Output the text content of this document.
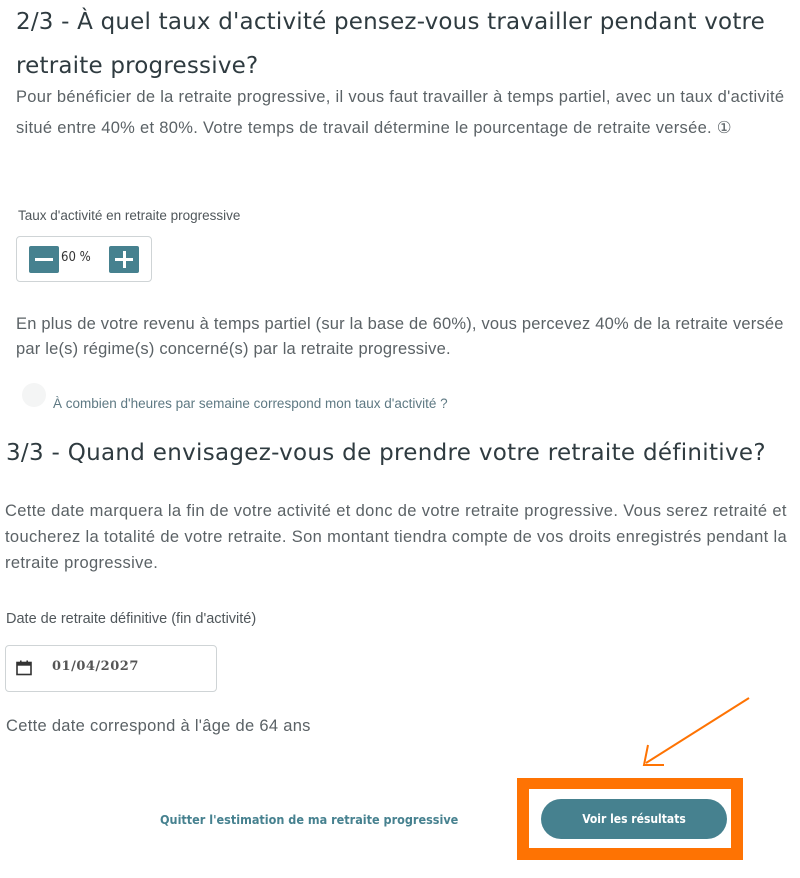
2/3 - À quel taux d'activité pensez-vous travailler pendant votre retraite progressive?
Pour bénéficier de la retraite progressive, il vous faut travailler à temps partiel, avec un taux d'activité situé entre 40% et 80%. Votre temps de travail détermine le pourcentage de retraite versée. ①
Taux d'activité en retraite progressive
60 %
En plus de votre revenu à temps partiel (sur la base de 60%), vous percevez 40% de la retraite versée par le(s) régime(s) concerné(s) par la retraite progressive.
À combien d'heures par semaine correspond mon taux d'activité ?
3/3 - Quand envisagez-vous de prendre votre retraite définitive?
Cette date marquera la fin de votre activité et donc de votre retraite progressive. Vous serez retraité et toucherez la totalité de votre retraite. Son montant tiendra compte de vos droits enregistrés pendant la retraite progressive.
Date de retraite définitive (fin d'activité)
01/04/2027
Cette date correspond à l'âge de 64 ans
Quitter l'estimation de ma retraite progressive	Voir les résultats
